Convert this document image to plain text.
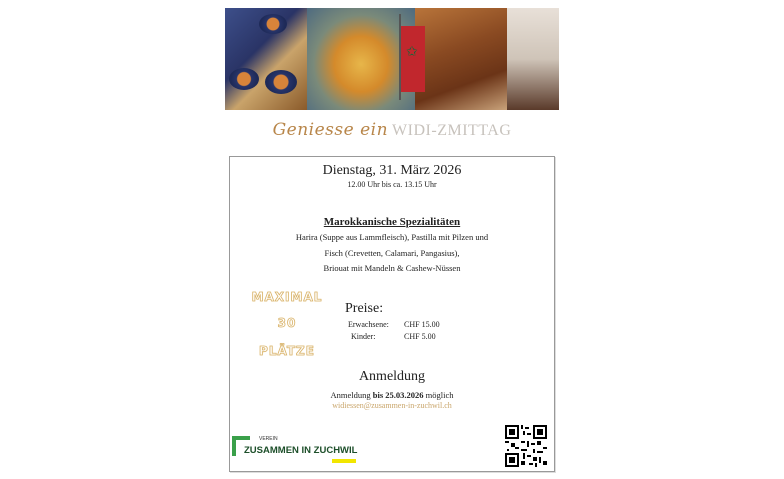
✩
Geniesse ein WIDI-ZMITTAG
Dienstag, 31. März 2026
12.00 Uhr bis ca. 13.15 Uhr
Marokkanische Spezialitäten
Harira (Suppe aus Lammfleisch), Pastilla mit Pilzen und
Fisch (Crevetten, Calamari, Pangasius),
Briouat mit Mandeln & Cashew-Nüssen
MAXIMAL
30
PLÄTZE
Preise:
Erwachsene: CHF 15.00
Kinder:	CHF 5.00
Anmeldung
Anmeldung bis 25.03.2026 möglich
widiessen@zusammen-in-zuchwil.ch
VEREIN
ZUSAMMEN IN ZUCHWIL
